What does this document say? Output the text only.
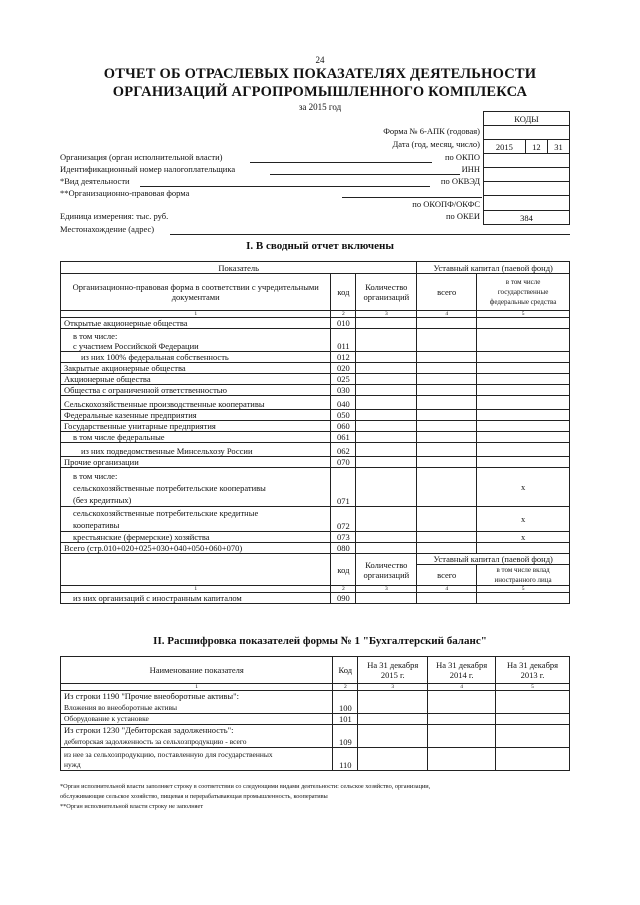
24
ОТЧЕТ ОБ ОТРАСЛЕВЫХ ПОКАЗАТЕЛЯХ ДЕЯТЕЛЬНОСТИ
ОРГАНИЗАЦИЙ АГРОПРОМЫШЛЕННОГО КОМПЛЕКСА
за 2015 год
КОДЫ

2015	12	31

384
Форма № 6-АПК (годовая)
Дата (год, месяц, число)
Организация (орган исполнительной власти)	по ОКПО
Идентификационный номер налогоплательщика	ИНН
*Вид деятельности	по ОКВЭД
**Организационно-правовая форма
по ОКОПФ/ОКФС
Единица измерения: тыс. руб.	по ОКЕИ
Местонахождение (адрес)
I. В сводный отчет включены
Показатель			Уставный капитал (паевой фонд)	
Организационно-правовая форма в соответствии с учредительными документами	код	Количество организаций	всего	в том числе государственные федеральные средства
1	2	3	4	5
Открытые акционерные общества	010			
в том числе:
с участием Российской Федерации	011			
из них 100% федеральная собственность	012			
Закрытые акционерные общества	020			
Акционерные общества	025			
Общества с ограниченной ответственностью	030			
Сельскохозяйственные производственные кооперативы	040			
Федеральные казенные предприятия	050			
Государственные унитарные предприятия	060			
в том числе федеральные	061			
из них подведомственные Минсельхозу России	062			
Прочие организации	070			
в том числе:
сельскохозяйственные потребительские кооперативы
(без кредитных)	071			х
сельскохозяйственные потребительские кредитные
кооперативы	072			х
крестьянские (фермерские) хозяйства	073			х
Всего (стр.010+020+025+030+040+050+060+070)	080			
	код	Количество организаций	Уставный капитал (паевой фонд)	
			всего	в том числе вклад иностранного лица
1	2	3	4	5
из них организаций с иностранным капиталом	090			
II. Расшифровка показателей формы № 1 "Бухгалтерский баланс"
Наименование показателя	Код	На 31 декабря 2015 г.	На 31 декабря 2014 г.	На 31 декабря 2013 г.
1	2	3	4	5
Из строки 1190 "Прочие внеоборотные активы":
Вложения во внеоборотные активы	100			
Оборудование к установке	101			
Из строки 1230 "Дебиторская задолженность":
дебиторская задолженность за сельхозпродукцию - всего	109			
из нее за сельхозпродукцию, поставленную для государственных
нужд	110			
*Орган исполнительной власти заполняет строку в соответствии со следующими видами деятельности: сельское хозяйство, организации,
обслуживающие сельское хозяйство, пищевая и перерабатывающая промышленность, кооперативы
**Орган исполнительной власти строку не заполняет
